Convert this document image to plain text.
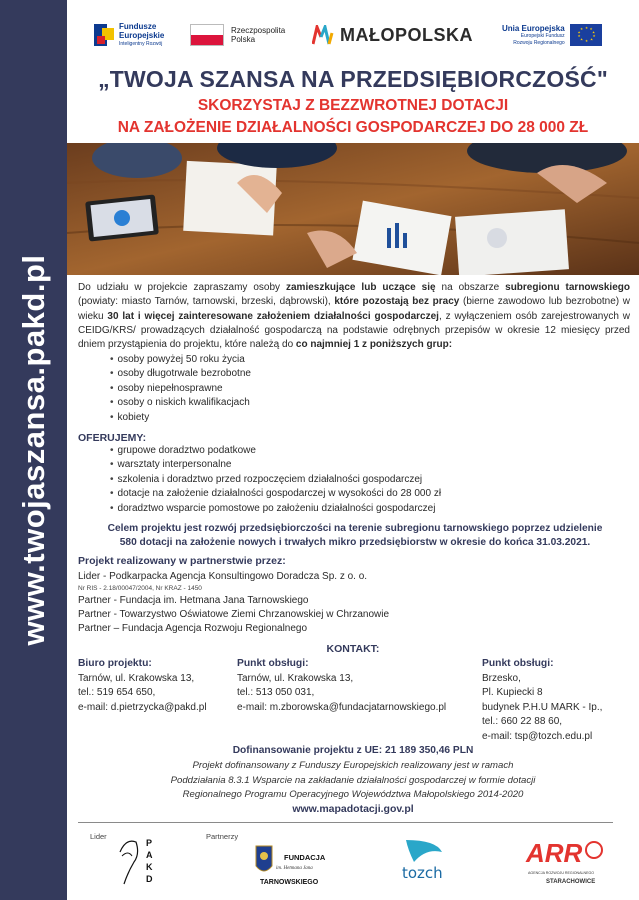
www.twojaszansa.pakd.pl
Fundusze
Europejskie
Inteligentny Rozwój
Rzeczpospolita
Polska	MAŁOPOLSKA	Unia Europejska
Europejski Fundusz
Rozwoju Regionalnego
★ ★
★
★
★
★
★
★
★
★
„TWOJA SZANSA NA PRZEDSIĘBIORCZOŚĆ"
SKORZYSTAJ Z BEZZWROTNEJ DOTACJI
NA ZAŁOŻENIE DZIAŁALNOŚCI GOSPODARCZEJ DO 28 000 ZŁ
Do udziału w projekcie zapraszamy osoby zamieszkujące lub uczące się na obszarze subregionu tarnowskiego (powiaty: miasto Tarnów, tarnowski, brzeski, dąbrowski), które pozostają bez pracy (bierne zawodowo lub bezrobotne) w wieku 30 lat i więcej zainteresowane założeniem działalności gospodarczej, z wyłączeniem osób zarejestrowanych w CEIDG/KRS/ prowadzących działalność gospodarczą na podstawie odrębnych przepisów w okresie 12 miesięcy przed dniem przystąpienia do projektu, które należą do co najmniej 1 z poniższych grup:
• osoby powyżej 50 roku życia
• osoby długotrwale bezrobotne
• osoby niepełnosprawne
• osoby o niskich kwalifikacjach
• kobiety
OFERUJEMY:
• grupowe doradztwo podatkowe
• warsztaty interpersonalne
• szkolenia i doradztwo przed rozpoczęciem działalności gospodarczej
• dotacje na założenie działalności gospodarczej w wysokości do 28 000 zł
• doradztwo wsparcie pomostowe po założeniu działalności gospodarczej
Celem projektu jest rozwój przedsiębiorczości na terenie subregionu tarnowskiego poprzez udzielenie
580 dotacji na założenie nowych i trwałych mikro przedsiębiorstw w okresie do końca 31.03.2021.
Projekt realizowany w partnerstwie przez:
Lider - Podkarpacka Agencja Konsultingowo Doradcza Sp. z o. o.
Nr RIS - 2.18/00047/2004, Nr KRAZ - 1450
Partner - Fundacja im. Hetmana Jana Tarnowskiego
Partner - Towarzystwo Oświatowe Ziemi Chrzanowskiej w Chrzanowie
Partner – Fundacja Agencja Rozwoju Regionalnego
KONTAKT:
Biuro projektu:
Tarnów, ul. Krakowska 13,
tel.: 519 654 650,
e-mail: d.pietrzycka@pakd.pl
Punkt obsługi:
Tarnów, ul. Krakowska 13,
tel.: 513 050 031,
e-mail: m.zborowska@fundacjatarnowskiego.pl
Punkt obsługi:
Brzesko,
Pl. Kupiecki 8
budynek P.H.U MARK - Ip.,
tel.: 660 22 88 60,
e-mail: tsp@tozch.edu.pl
Dofinansowanie projektu z UE: 21 189 350,46 PLN
Projekt dofinansowany z Funduszy Europejskich realizowany jest w ramach
Poddziałania 8.3.1 Wsparcie na zakładanie działalności gospodarczej w formie dotacji
Regionalnego Programu Operacyjnego Województwa Małopolskiego 2014-2020
www.mapadotacji.gov.pl
Lider
P
A
K
D
Partnerzy
FUNDACJA
im. Hetmana Jana
TARNOWSKIEGO
tozch
ARR
AGENCJA ROZWOJU REGIONALNEGO
STARACHOWICE
